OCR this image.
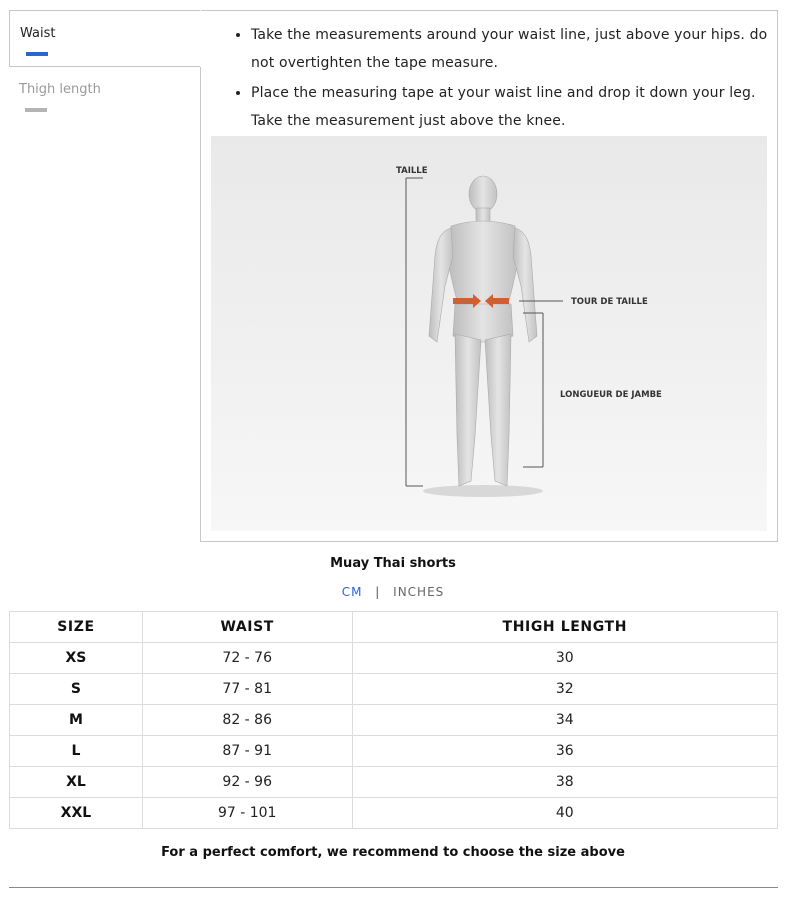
Waist
Thigh length
• Take the measurements around your waist line, just above your hips. do not overtighten the tape measure.
• Place the measuring tape at your waist line and drop it down your leg. Take the measurement just above the knee.
TAILLE
TOUR DE TAILLE
LONGUEUR DE JAMBE
Muay Thai shorts
CM | INCHES
SIZE	WAIST	THIGH LENGTH
XS	72 - 76	30
S	77 - 81	32
M	82 - 86	34
L	87 - 91	36
XL	92 - 96	38
XXL	97 - 101	40
For a perfect comfort, we recommend to choose the size above
